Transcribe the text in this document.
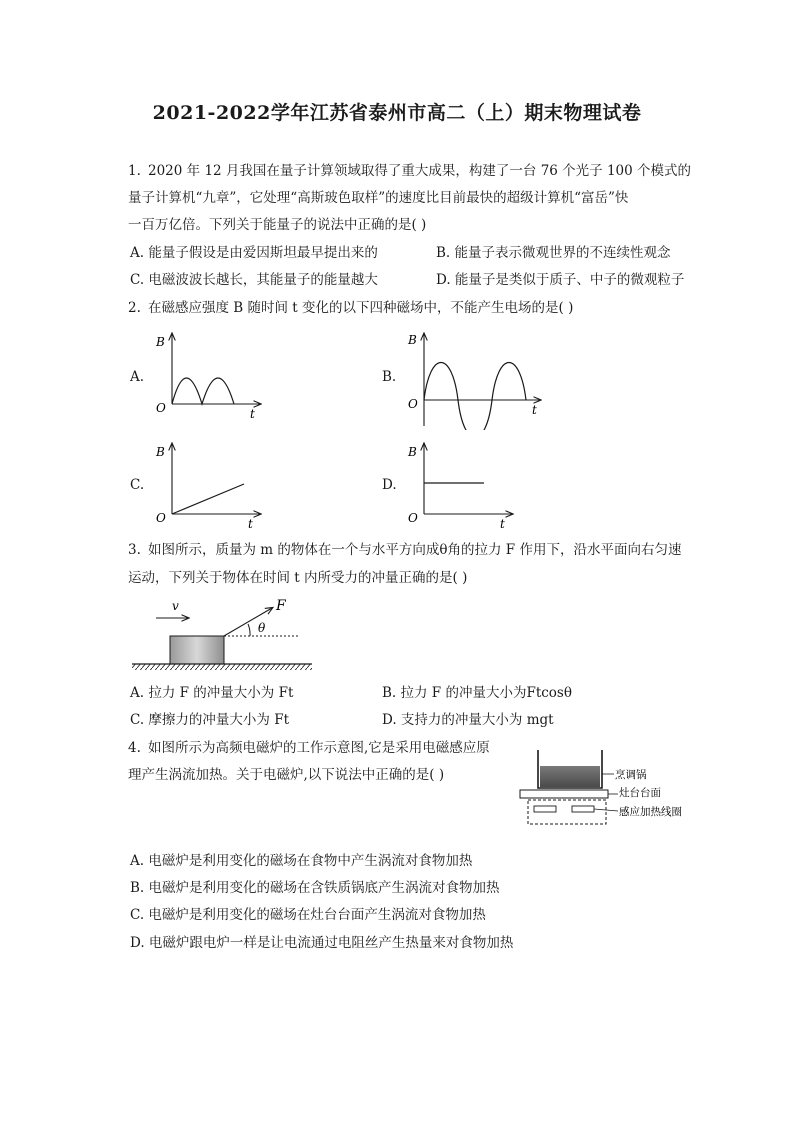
2021-2022学年江苏省泰州市高二（上）期末物理试卷
1. 2020 年 12 月我国在量子计算领域取得了重大成果，构建了一台 76 个光子 100 个模式的
量子计算机“九章”，它处理“高斯玻色取样”的速度比目前最快的超级计算机“富岳”快
一百万亿倍。下列关于能量子的说法中正确的是( )
A. 能量子假设是由爱因斯坦最早提出来的	B. 能量子表示微观世界的不连续性观念
C. 电磁波波长越长，其能量子的能量越大	D. 能量子是类似于质子、中子的微观粒子
2. 在磁感应强度 B 随时间 t 变化的以下四种磁场中，不能产生电场的是( )
A.	B.
C.	D.
B
O	t
B
O	t
B
O	t
B
O	t
3. 如图所示，质量为 m 的物体在一个与水平方向成θ角的拉力 F 作用下，沿水平面向右匀速
运动，下列关于物体在时间 t 内所受力的冲量正确的是( )
v	F
θ
A. 拉力 F 的冲量大小为 Ft	B. 拉力 F 的冲量大小为Ftcosθ
C. 摩擦力的冲量大小为 Ft	D. 支持力的冲量大小为 mgt
4. 如图所示为高频电磁炉的工作示意图,它是采用电磁感应原
理产生涡流加热。关于电磁炉,以下说法中正确的是( )	烹调锅
灶台台面
感应加热线圈
A. 电磁炉是利用变化的磁场在食物中产生涡流对食物加热
B. 电磁炉是利用变化的磁场在含铁质锅底产生涡流对食物加热
C. 电磁炉是利用变化的磁场在灶台台面产生涡流对食物加热
D. 电磁炉跟电炉一样是让电流通过电阻丝产生热量来对食物加热
